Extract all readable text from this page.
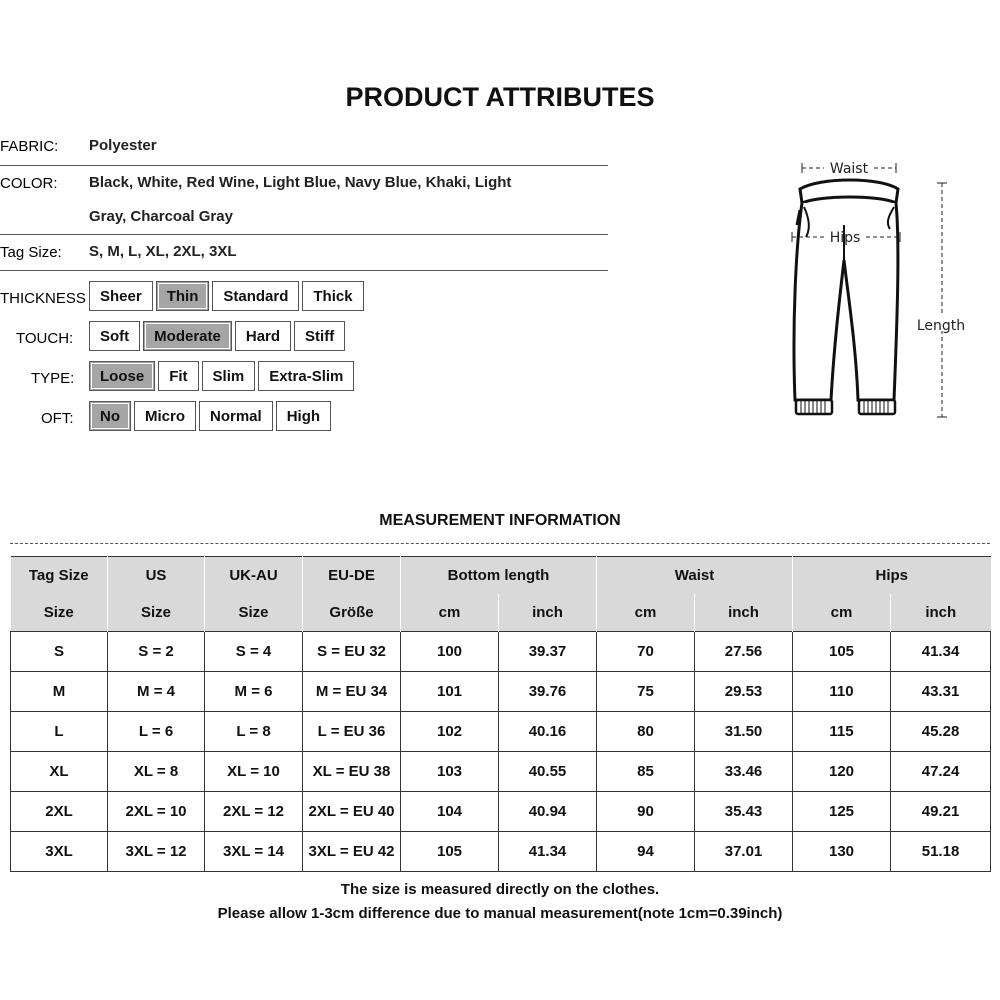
PRODUCT ATTRIBUTES
FABRIC: Polyester
COLOR: Black, White, Red Wine, Light Blue, Navy Blue, Khaki, Light
Gray, Charcoal Gray
Tag Size: S, M, L, XL, 2XL, 3XL
THICKNESS Sheer	Thin	Standard	Thick
TOUCH:	Soft	Moderate	Hard	Stiff
TYPE:	Loose	Fit	Slim	Extra-Slim
OFT:	No	Micro	Normal	High
Waist
Hips
Length
MEASUREMENT INFORMATION
Tag Size	US	UK-AU	EU-DE	Bottom length		Waist		Hips	
Size	Size	Size	Größe	cm	inch	cm	inch	cm	inch
S	S = 2	S = 4	S = EU 32	100	39.37	70	27.56	105	41.34
M	M = 4	M = 6	M = EU 34	101	39.76	75	29.53	110	43.31
L	L = 6	L = 8	L = EU 36	102	40.16	80	31.50	115	45.28
XL	XL = 8	XL = 10	XL = EU 38	103	40.55	85	33.46	120	47.24
2XL	2XL = 10	2XL = 12	2XL = EU 40	104	40.94	90	35.43	125	49.21
3XL	3XL = 12	3XL = 14	3XL = EU 42	105	41.34	94	37.01	130	51.18
The size is measured directly on the clothes.
Please allow 1-3cm difference due to manual measurement(note 1cm=0.39inch)
